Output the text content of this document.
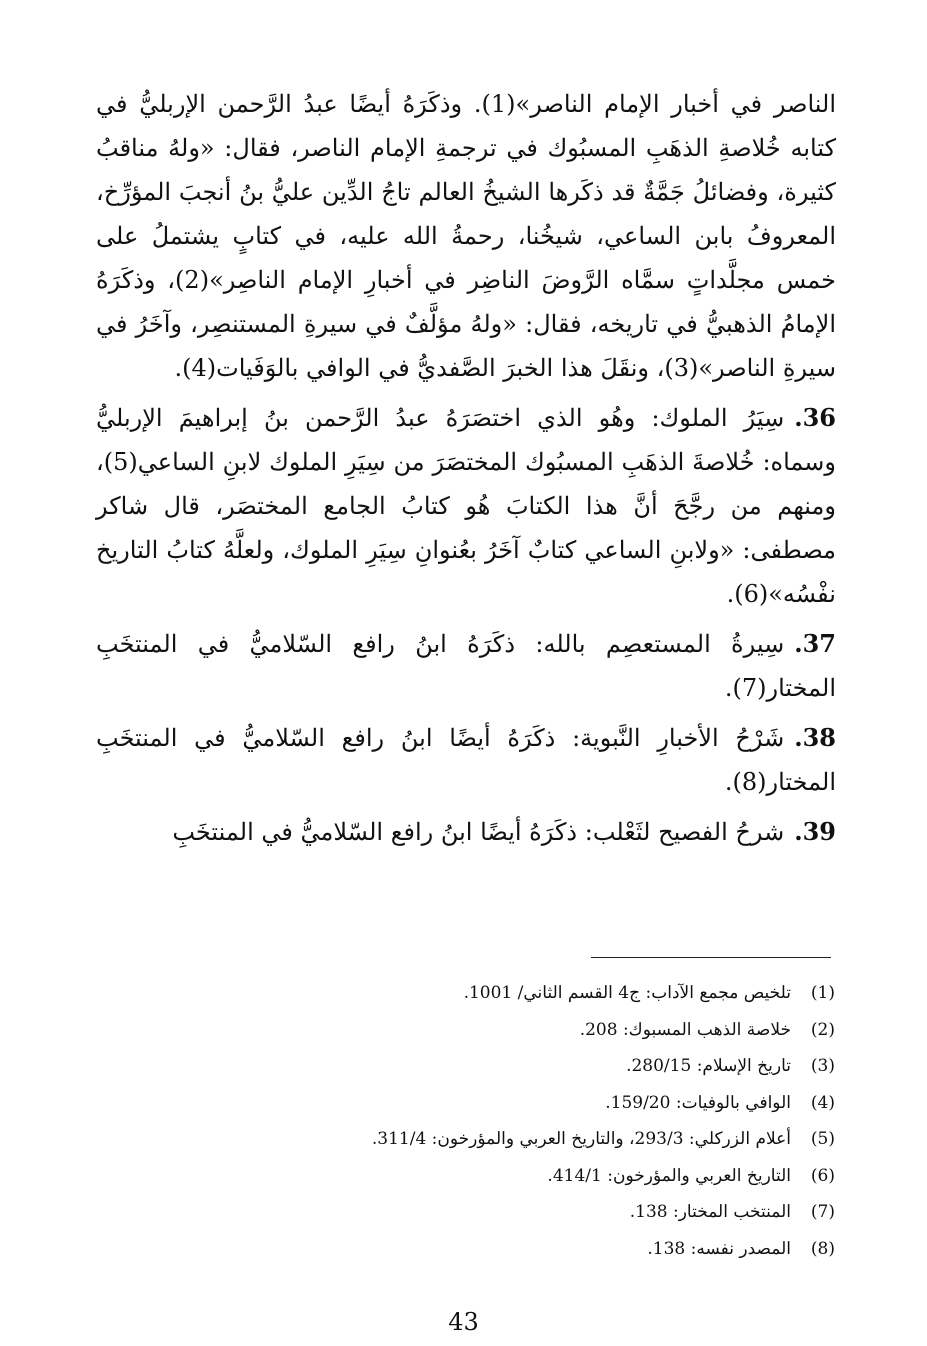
الناصر في أخبار الإمام الناصر»(1). وذكَرَهُ أيضًا عبدُ الرَّحمن الإربليُّ في كتابه خُلاصةِ الذهَبِ المسبُوك في ترجمةِ الإمام الناصر، فقال: «ولهُ مناقبُ كثيرة، وفضائلُ جَمَّةٌ قد ذكَرها الشيخُ العالم تاجُ الدِّين عليُّ بنُ أنجبَ المؤرِّخ، المعروفُ بابن الساعي، شيخُنا، رحمةُ الله عليه، في كتابٍ يشتملُ على خمس مجلَّداتٍ سمَّاه الرَّوضَ الناضِر في أخبارِ الإمام الناصِر»(2)، وذكَرَهُ الإمامُ الذهبيُّ في تاريخه، فقال: «ولهُ مؤلَّفٌ في سيرةِ المستنصِر، وآخَرُ في سيرةِ الناصر»(3)، ونقَلَ هذا الخبرَ الصَّفديُّ في الوافي بالوَفَيات(4).

36.سِيَرُ الملوك: وهُو الذي اختصَرَهُ عبدُ الرَّحمن بنُ إبراهيمَ الإربليُّ وسماه: خُلاصةَ الذهَبِ المسبُوك المختصَرَ من سِيَرِ الملوك لابنِ الساعي(5)، ومنهم من رجَّحَ أنَّ هذا الكتابَ هُو كتابُ الجامع المختصَر، قال شاكر مصطفى: «ولابنِ الساعي كتابٌ آخَرُ بعُنوانِ سِيَرِ الملوك، ولعلَّهُ كتابُ التاريخ نفْسُه»(6).

37.سِيرةُ المستعصِم بالله: ذكَرَهُ ابنُ رافع السّلاميُّ في المنتخَبِ المختار(7).

38.شَرْحُ الأخبارِ النَّبوية: ذكَرَهُ أيضًا ابنُ رافع السّلاميُّ في المنتخَبِ المختار(8).

39.شرحُ الفصيح لثَعْلب: ذكَرَهُ أيضًا ابنُ رافع السّلاميُّ في المنتخَبِ

(1)
تلخيص مجمع الآداب: ج4 القسم الثاني/ 1001.
(2)
خلاصة الذهب المسبوك: 208.
(3)
تاريخ الإسلام: 280/15.
(4)
الوافي بالوفيات: 159/20.
(5)
أعلام الزركلي: 293/3، والتاريخ العربي والمؤرخون: 311/4.
(6)
التاريخ العربي والمؤرخون: 414/1.
(7)
المنتخب المختار: 138.
(8)
المصدر نفسه: 138.
43
